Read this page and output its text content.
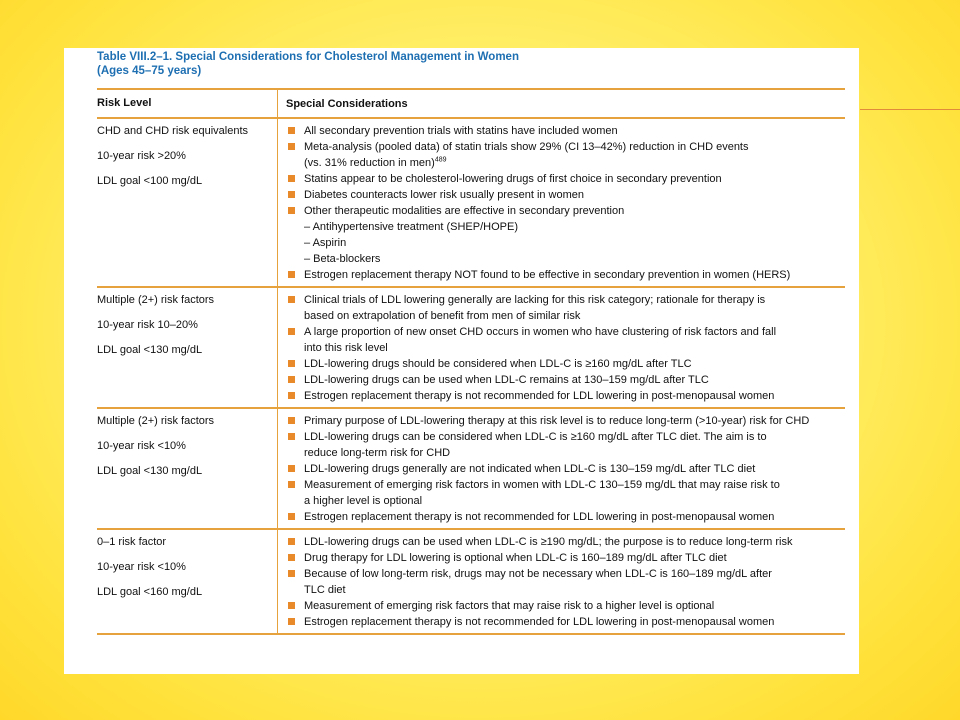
Table VIII.2–1. Special Considerations for Cholesterol Management in Women
(Ages 45–75 years)
Risk Level	Special Considerations
CHD and CHD risk equivalents
10-year risk >20%
LDL goal <100 mg/dL
All secondary prevention trials with statins have included women
Meta-analysis (pooled data) of statin trials show 29% (CI 13–42%) reduction in CHD events
(vs. 31% reduction in men)$^{489}$
Statins appear to be cholesterol-lowering drugs of first choice in secondary prevention
Diabetes counteracts lower risk usually present in women
Other therapeutic modalities are effective in secondary prevention
– Antihypertensive treatment (SHEP/HOPE)
– Aspirin
– Beta-blockers
Estrogen replacement therapy NOT found to be effective in secondary prevention in women (HERS)
Multiple (2+) risk factors
10-year risk 10–20%
LDL goal <130 mg/dL
Clinical trials of LDL lowering generally are lacking for this risk category; rationale for therapy is
based on extrapolation of benefit from men of similar risk
A large proportion of new onset CHD occurs in women who have clustering of risk factors and fall
into this risk level
LDL-lowering drugs should be considered when LDL-C is ≥160 mg/dL after TLC
LDL-lowering drugs can be used when LDL-C remains at 130–159 mg/dL after TLC
Estrogen replacement therapy is not recommended for LDL lowering in post-menopausal women
Multiple (2+) risk factors
10-year risk <10%
LDL goal <130 mg/dL
Primary purpose of LDL-lowering therapy at this risk level is to reduce long-term (>10-year) risk for CHD
LDL-lowering drugs can be considered when LDL-C is ≥160 mg/dL after TLC diet. The aim is to
reduce long-term risk for CHD
LDL-lowering drugs generally are not indicated when LDL-C is 130–159 mg/dL after TLC diet
Measurement of emerging risk factors in women with LDL-C 130–159 mg/dL that may raise risk to
a higher level is optional
Estrogen replacement therapy is not recommended for LDL lowering in post-menopausal women
0–1 risk factor
10-year risk <10%
LDL goal <160 mg/dL
LDL-lowering drugs can be used when LDL-C is ≥190 mg/dL; the purpose is to reduce long-term risk
Drug therapy for LDL lowering is optional when LDL-C is 160–189 mg/dL after TLC diet
Because of low long-term risk, drugs may not be necessary when LDL-C is 160–189 mg/dL after
TLC diet
Measurement of emerging risk factors that may raise risk to a higher level is optional
Estrogen replacement therapy is not recommended for LDL lowering in post-menopausal women
